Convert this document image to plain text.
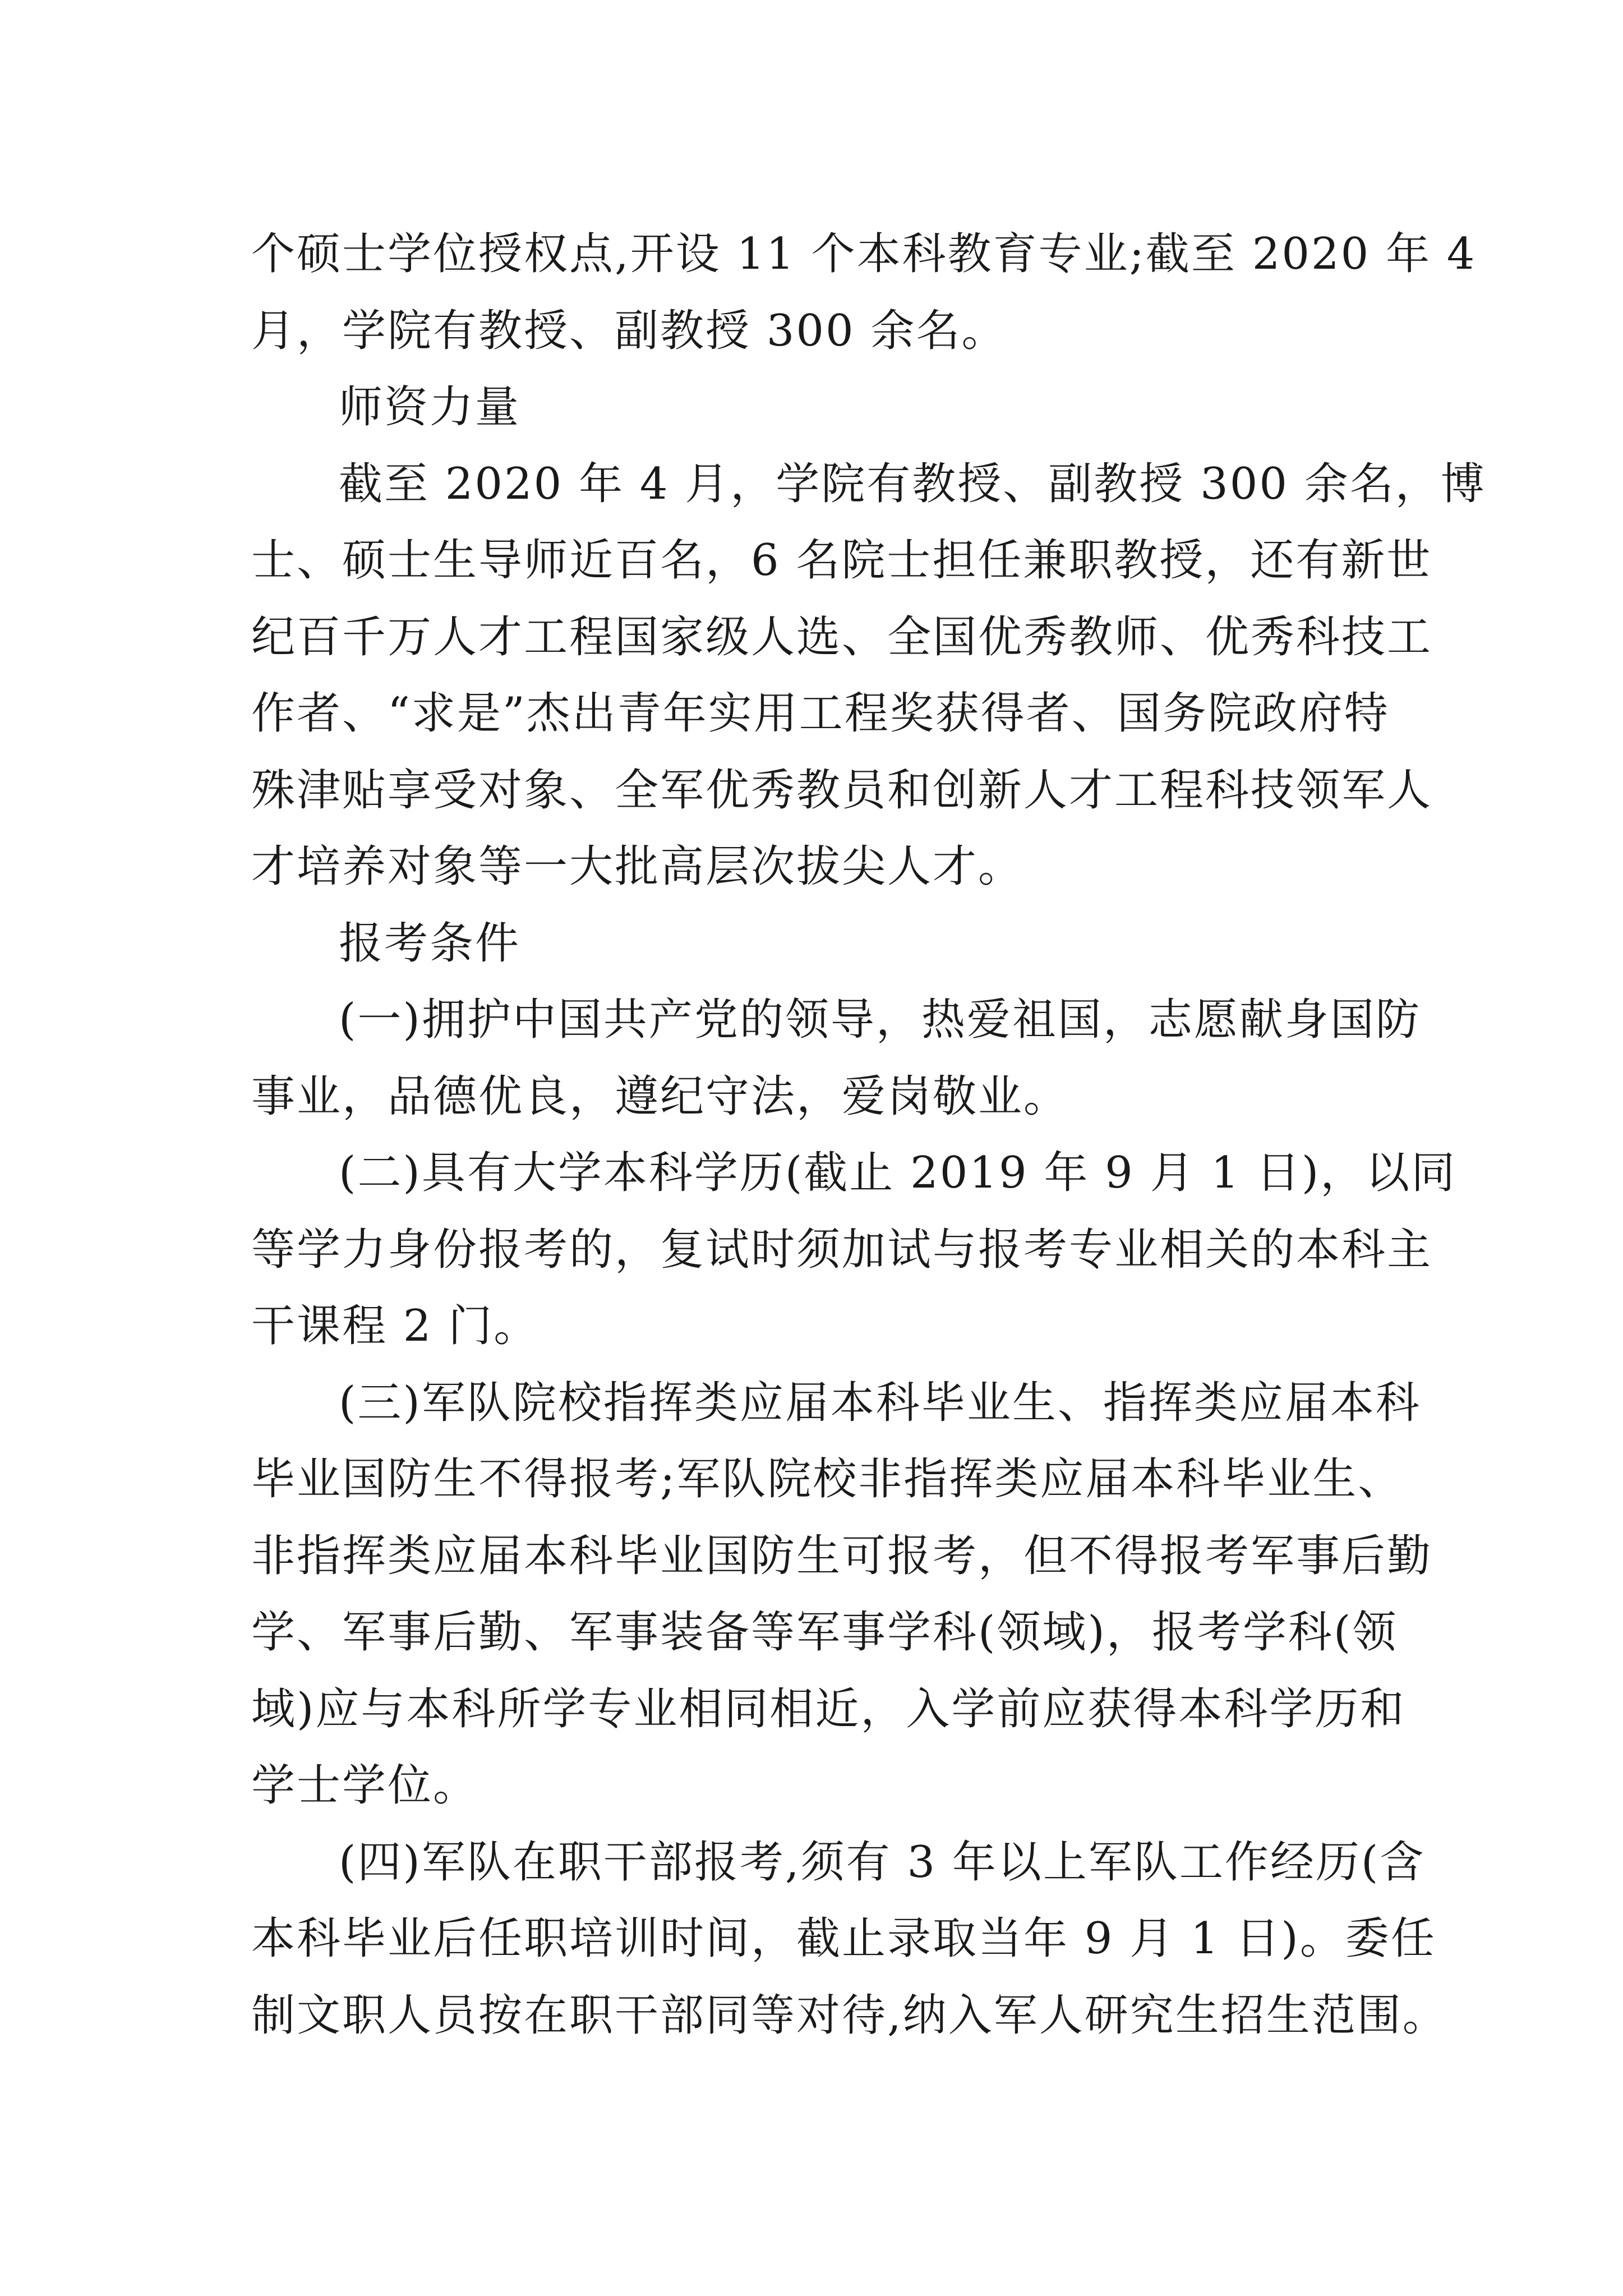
个硕士学位授权点,开设 11 个本科教育专业;截至 2020 年 4
月，学院有教授、副教授 300 余名。
师资力量
截至 2020 年 4 月，学院有教授、副教授 300 余名，博
士、硕士生导师近百名，6 名院士担任兼职教授，还有新世
纪百千万人才工程国家级人选、全国优秀教师、优秀科技工
作者、“求是”杰出青年实用工程奖获得者、国务院政府特
殊津贴享受对象、全军优秀教员和创新人才工程科技领军人
才培养对象等一大批高层次拔尖人才。
报考条件
(一)拥护中国共产党的领导，热爱祖国，志愿献身国防
事业，品德优良，遵纪守法，爱岗敬业。
(二)具有大学本科学历(截止 2019 年 9 月 1 日)，以同
等学力身份报考的，复试时须加试与报考专业相关的本科主
干课程 2 门。
(三)军队院校指挥类应届本科毕业生、指挥类应届本科
毕业国防生不得报考;军队院校非指挥类应届本科毕业生、
非指挥类应届本科毕业国防生可报考，但不得报考军事后勤
学、军事后勤、军事装备等军事学科(领域)，报考学科(领
域)应与本科所学专业相同相近，入学前应获得本科学历和
学士学位。
(四)军队在职干部报考,须有 3 年以上军队工作经历(含
本科毕业后任职培训时间，截止录取当年 9 月 1 日)。委任
制文职人员按在职干部同等对待,纳入军人研究生招生范围。
